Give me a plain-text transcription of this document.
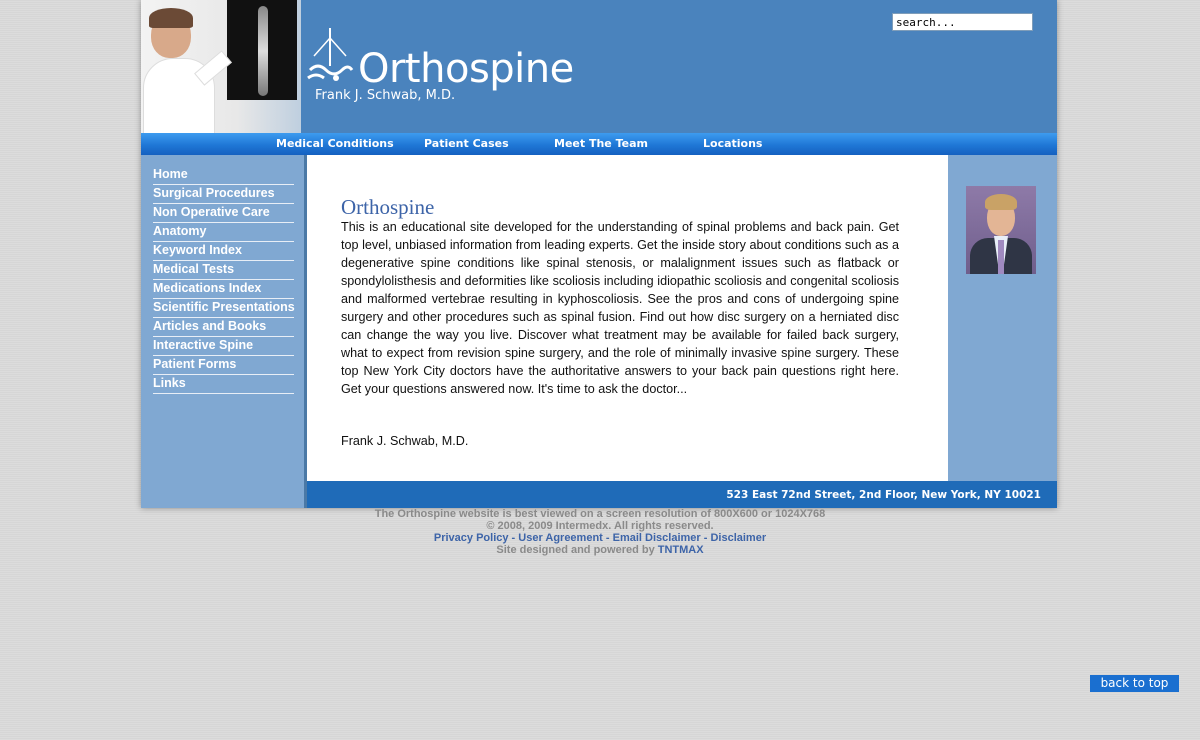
Orthospine
Frank J. Schwab, M.D.
search...
Medical Conditions	Patient Cases	Meet The Team	Locations
Home
Surgical Procedures
Non Operative Care
Anatomy
Keyword Index
Medical Tests
Medications Index
Scientific Presentations
Articles and Books
Interactive Spine
Patient Forms
Links
Orthospine

This is an educational site developed for the understanding of spinal problems and back pain. Get top level, unbiased information from leading experts. Get the inside story about conditions such as a degenerative spine conditions like spinal stenosis, or malalignment issues such as flatback or spondylolisthesis and deformities like scoliosis including idiopathic scoliosis and congenital scoliosis and malformed vertebrae resulting in kyphoscoliosis. See the pros and cons of undergoing spine surgery and other procedures such as spinal fusion. Find out how disc surgery on a herniated disc can change the way you live. Discover what treatment may be available for failed back surgery, what to expect from revision spine surgery, and the role of minimally invasive spine surgery. These top New York City doctors have the authoritative answers to your back pain questions right here. Get your questions answered now. It's time to ask the doctor...

Frank J. Schwab, M.D.
523 East 72nd Street, 2nd Floor, New York, NY 10021
The Orthospine website is best viewed on a screen resolution of 800X600 or 1024X768
© 2008, 2009 Intermedx. All rights reserved.
Privacy Policy - User Agreement - Email Disclaimer - Disclaimer
Site designed and powered by TNTMAX
back to top
